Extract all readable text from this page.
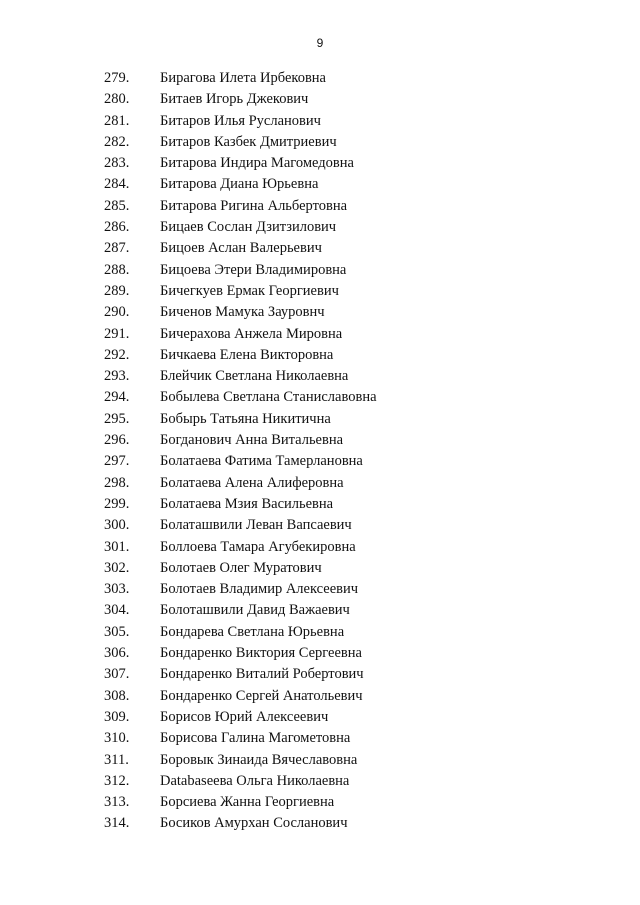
9
279. Бирагова Илета Ирбековна
280. Битаев Игорь Джекович
281. Битаров Илья Русланович
282. Битаров Казбек Дмитриевич
283. Битарова Индира Магомедовна
284. Битарова Диана Юрьевна
285. Битарова Ригина Альбертовна
286. Бицаев Сослан Дзитзилович
287. Бицоев Аслан Валерьевич
288. Бицоева Этери Владимировна
289. Бичегкуев Ермак Георгиевич
290. Биченов Мамука Зауровнч
291. Бичерахова Анжела Мировна
292. Бичкаева Елена Викторовна
293. Блейчик Светлана Николаевна
294. Бобылева Светлана Станиславовна
295. Бобырь Татьяна Никитична
296. Богданович Анна Витальевна
297. Болатаева Фатима Тамерлановна
298. Болатаева Алена Алиферовна
299. Болатаева Мзия Васильевна
300. Болаташвили Леван Вапсаевич
301. Боллоева Тамара Агубекировна
302. Болотаев Олег Муратович
303. Болотаев Владимир Алексеевич
304. Болоташвили Давид Важаевич
305. Бондарева Светлана Юрьевна
306. Бондаренко Виктория Сергеевна
307. Бондаренко Виталий Робертович
308. Бондаренко Сергей Анатольевич
309. Борисов Юрий Алексеевич
310. Борисова Галина Магометовна
311. Боровык Зинаида Вячеславовна
312. Databaseева Ольга Николаевна
313. Борсиева Жанна Георгиевна
314. Босиков Амурхан Сосланович
